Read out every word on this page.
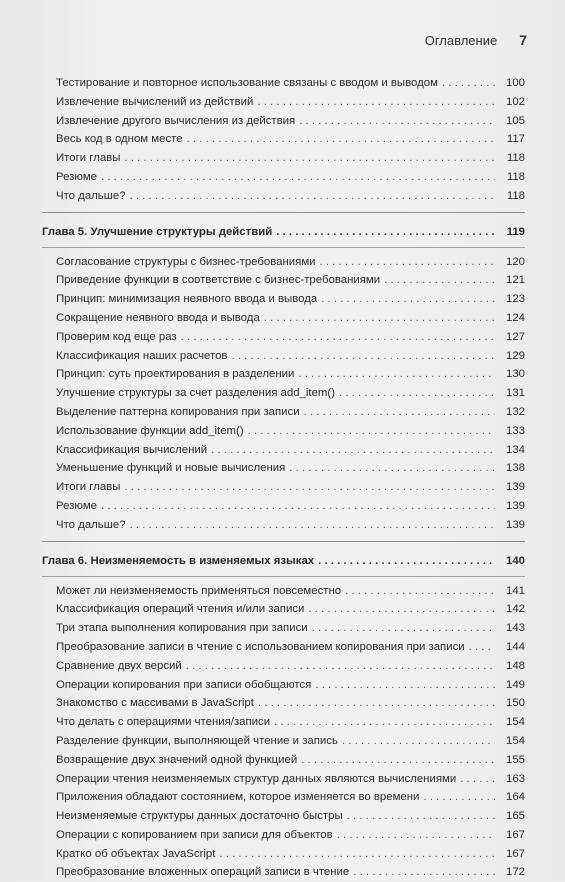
Оглавление 7
Тестирование и повторное использование связаны с вводом и выводом . . .	100
Извлечение вычислений из действий . . .	102
Извлечение другого вычисления из действия . . .	105
Весь код в одном месте . . .	117
Итоги главы . . .	118
Резюме . . .	118
Что дальше? . . .	118
Глава 5. Улучшение структуры действий . . .	119
Согласование структуры с бизнес-требованиями . . .	120
Приведение функции в соответствие с бизнес-требованиями . . .	121
Принцип: минимизация неявного ввода и вывода . . .	123
Сокращение неявного ввода и вывода . . .	124
Проверим код еще раз . . .	127
Классификация наших расчетов . . .	129
Принцип: суть проектирования в разделении . . .	130
Улучшение структуры за счет разделения add_item() . . .	131
Выделение паттерна копирования при записи . . .	132
Использование функции add_item() . . .	133
Классификация вычислений . . .	134
Уменьшение функций и новые вычисления . . .	138
Итоги главы . . .	139
Резюме . . .	139
Что дальше? . . .	139
Глава 6. Неизменяемость в изменяемых языках . . .	140
Может ли неизменяемость применяться повсеместно . . .	141
Классификация операций чтения и/или записи . . .	142
Три этапа выполнения копирования при записи . . .	143
Преобразование записи в чтение с использованием копирования при записи . . .	144
Сравнение двух версий . . .	148
Операции копирования при записи обобщаются . . .	149
Знакомство с массивами в JavaScript . . .	150
Что делать с операциями чтения/записи . . .	154
Разделение функции, выполняющей чтение и запись . . .	154
Возвращение двух значений одной функцией . . .	155
Операции чтения неизменяемых структур данных являются вычислениями . . .	163
Приложения обладают состоянием, которое изменяется во времени . . .	164
Неизменяемые структуры данных достаточно быстры . . .	165
Операции с копированием при записи для объектов . . .	167
Кратко об объектах JavaScript . . .	167
Преобразование вложенных операций записи в чтение . . .	172
